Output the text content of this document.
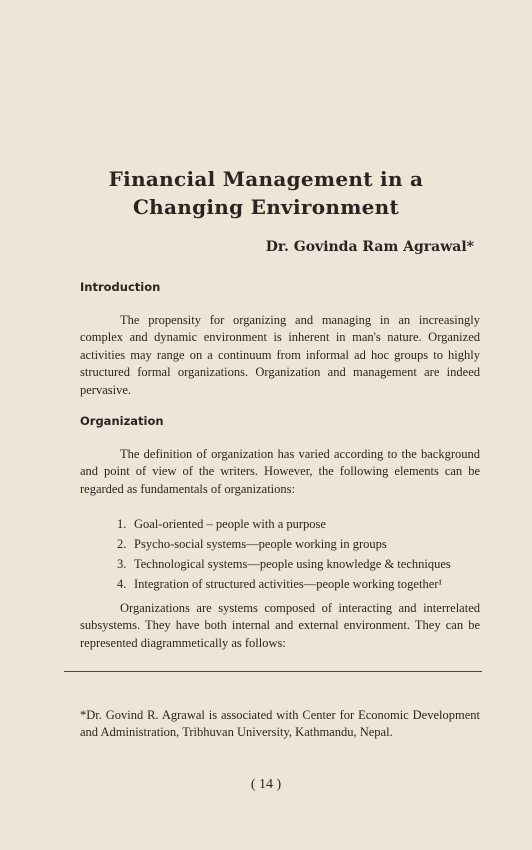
Financial Management in a
Changing Environment
Dr. Govinda Ram Agrawal*
Introduction

The propensity for organizing and managing in an increasingly complex and dynamic environment is inherent in man's nature. Organized activities may range on a continuum from informal ad hoc groups to highly structured formal organizations. Organization and management are indeed pervasive.

Organization

The definition of organization has varied according to the background and point of view of the writers. However, the following elements can be regarded as fundamentals of organizations:

1. Goal-oriented – people with a purpose
2. Psycho-social systems—people working in groups
3. Technological systems—people using knowledge & techniques
4. Integration of structured activities—people working together¹

Organizations are systems composed of interacting and interrelated subsystems. They have both internal and external environment. They can be represented diagrammetically as follows:

*Dr. Govind R. Agrawal is associated with Center for Economic Development and Administration, Tribhuvan University, Kathmandu, Nepal.

( 14 )
